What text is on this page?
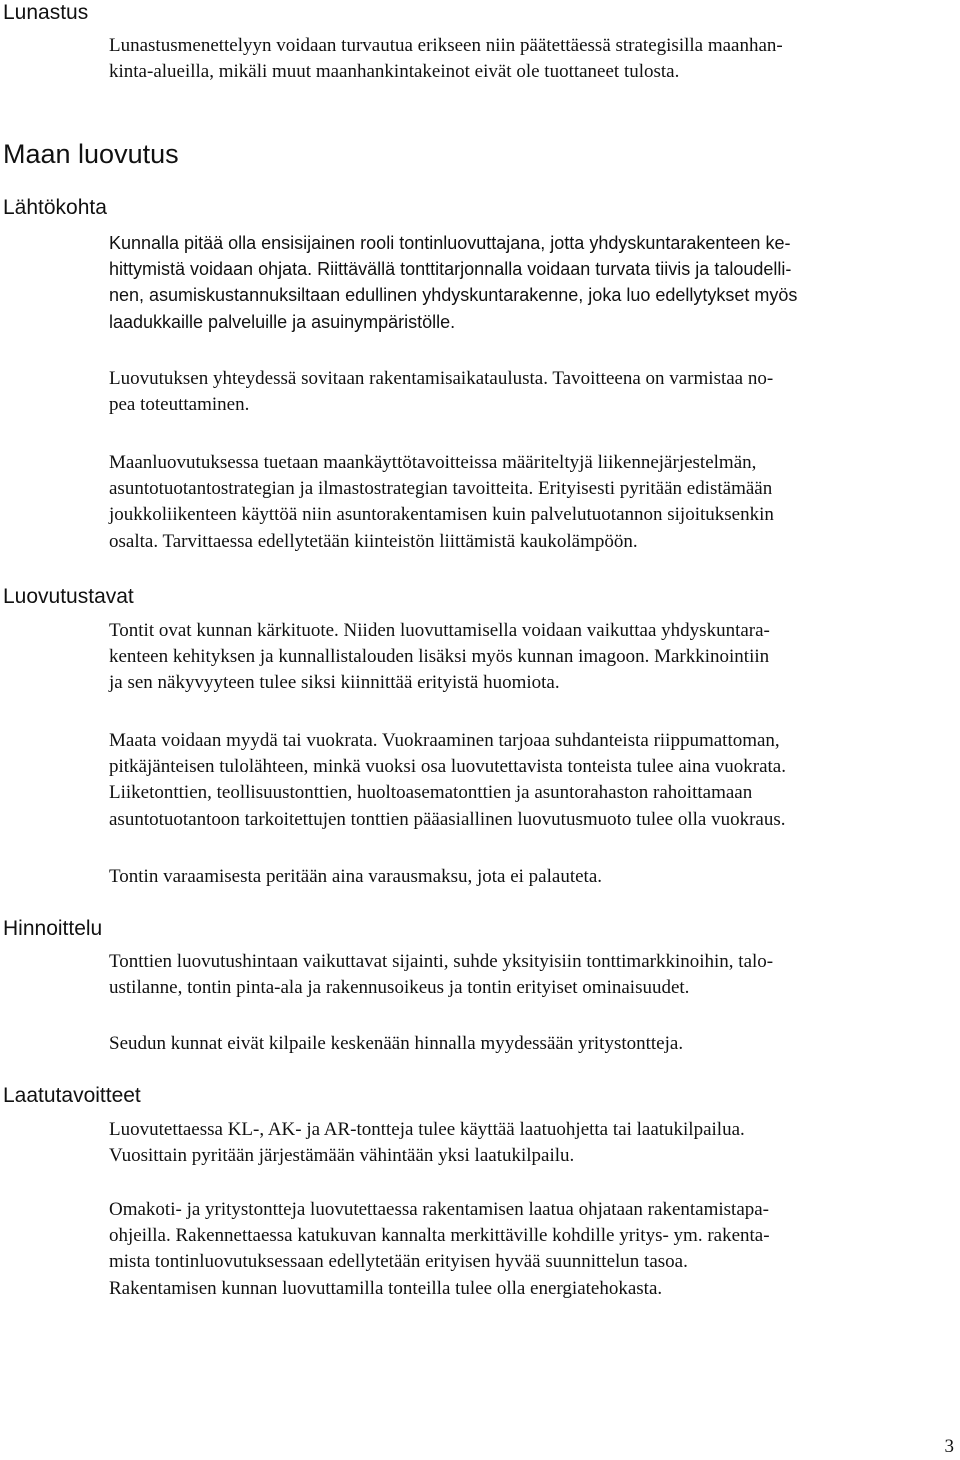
Lunastus

Lunastusmenettelyyn voidaan turvautua erikseen niin päätettäessä strategisilla maanhan-
kinta-alueilla, mikäli muut maanhankintakeinot eivät ole tuottaneet tulosta.

Maan luovutus
Lähtökohta

Kunnalla pitää olla ensisijainen rooli tontinluovuttajana, jotta yhdyskuntarakenteen ke-
hittymistä voidaan ohjata. Riittävällä tonttitarjonnalla voidaan turvata tiivis ja taloudelli-
nen, asumiskustannuksiltaan edullinen yhdyskuntarakenne, joka luo edellytykset myös
laadukkaille palveluille ja asuinympäristölle.

Luovutuksen yhteydessä sovitaan rakentamisaikataulusta. Tavoitteena on varmistaa no-
pea toteuttaminen.

Maanluovutuksessa tuetaan maankäyttötavoitteissa määriteltyjä liikennejärjestelmän,
asuntotuotantostrategian ja ilmastostrategian tavoitteita. Erityisesti pyritään edistämään
joukkoliikenteen käyttöä niin asuntorakentamisen kuin palvelutuotannon sijoituksenkin
osalta. Tarvittaessa edellytetään kiinteistön liittämistä kaukolämpöön.

Luovutustavat

Tontit ovat kunnan kärkituote. Niiden luovuttamisella voidaan vaikuttaa yhdyskuntara-
kenteen kehityksen ja kunnallistalouden lisäksi myös kunnan imagoon. Markkinointiin
ja sen näkyvyyteen tulee siksi kiinnittää erityistä huomiota.

Maata voidaan myydä tai vuokrata. Vuokraaminen tarjoaa suhdanteista riippumattoman,
pitkäjänteisen tulolähteen, minkä vuoksi osa luovutettavista tonteista tulee aina vuokrata.
Liiketonttien, teollisuustonttien, huoltoasematonttien ja asuntorahaston rahoittamaan
asuntotuotantoon tarkoitettujen tonttien pääasiallinen luovutusmuoto tulee olla vuokraus.

Tontin varaamisesta peritään aina varausmaksu, jota ei palauteta.

Hinnoittelu

Tonttien luovutushintaan vaikuttavat sijainti, suhde yksityisiin tonttimarkkinoihin, talo-
ustilanne, tontin pinta-ala ja rakennusoikeus ja tontin erityiset ominaisuudet.

Seudun kunnat eivät kilpaile keskenään hinnalla myydessään yritystontteja.

Laatutavoitteet

Luovutettaessa KL-, AK- ja AR-tontteja tulee käyttää laatuohjetta tai laatukilpailua.
Vuosittain pyritään järjestämään vähintään yksi laatukilpailu.

Omakoti- ja yritystontteja luovutettaessa rakentamisen laatua ohjataan rakentamistapa-
ohjeilla. Rakennettaessa katukuvan kannalta merkittäville kohdille yritys- ym. rakenta-
mista tontinluovutuksessaan edellytetään erityisen hyvää suunnittelun tasoa.
Rakentamisen kunnan luovuttamilla tonteilla tulee olla energiatehokasta.

3
